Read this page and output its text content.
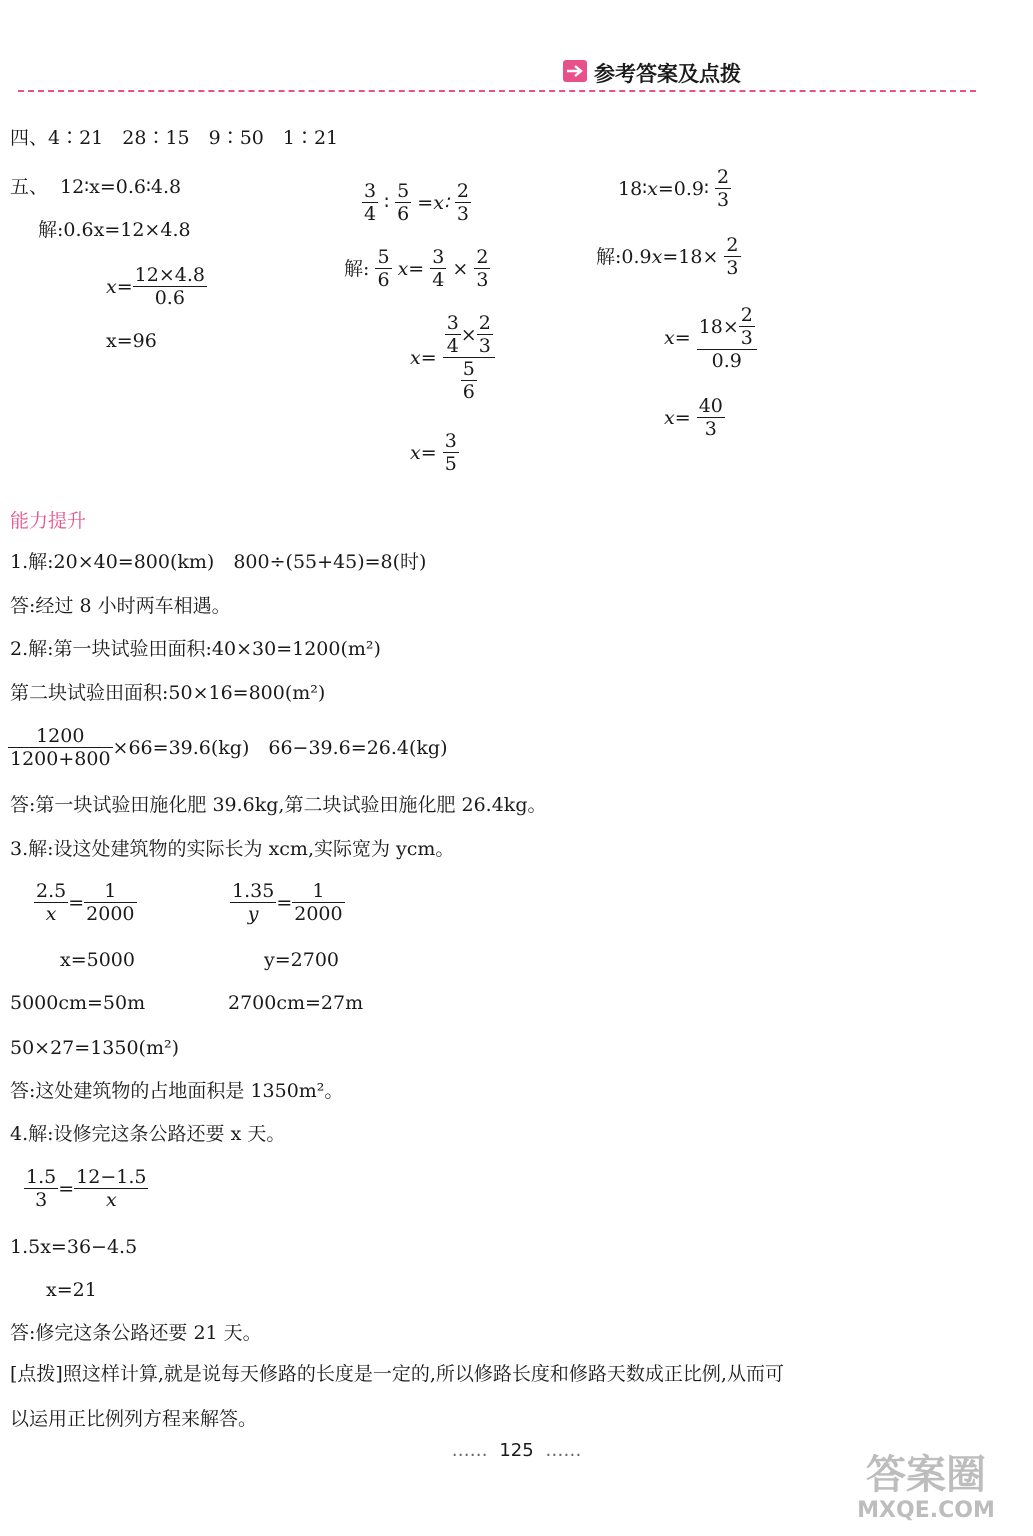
参考答案及点拨
四、4∶21　28∶15　9∶50　1∶21
五、 12∶x=0.6∶4.8
解:0.6x=12×4.8
$x= \frac{12\times 4.8}{0.6}$
x=96
$\frac{3}{4}$ ∶ $\frac{5}{6}$ =x∶ $\frac{2}{3}$
解: $\frac{5}{6} x= \frac{3}{4} \times \frac{2}{3}$
$x= \frac{\frac{3}{4} \times \frac{2}{3}}{\frac{5}{6}}$
$x= \frac{3}{5}$
18∶x=0.9∶ $\frac{2}{3}$
解:0.9x=18× $\frac{2}{3}$
$x= \frac{18\times \frac{2}{3}}{0.9}$
$x= \frac{40}{3}$
能力提升
1.解:20×40=800(km)　800÷(55+45)=8(时)
答:经过 8 小时两车相遇。
2.解:第一块试验田面积:40×30=1200(m²)
第二块试验田面积:50×16=800(m²)
$\frac{1200}{1200+800} \times 66=39.6(kg)$　66−39.6=26.4(kg)
答:第一块试验田施化肥 39.6kg,第二块试验田施化肥 26.4kg。
3.解:设这处建筑物的实际长为 xcm,实际宽为 ycm。
$\frac{2.5}{x} = \frac{1}{2000}$	$\frac{1.35}{y} = \frac{1}{2000}$
x=5000	y=2700
5000cm=50m	2700cm=27m
50×27=1350(m²)
答:这处建筑物的占地面积是 1350m²。
4.解:设修完这条公路还要 x 天。
$\frac{1.5}{3} = \frac{12-1.5}{x}$
1.5x=36−4.5
x=21
答:修完这条公路还要 21 天。
[点拨]照这样计算,就是说每天修路的长度是一定的,所以修路长度和修路天数成正比例,从而可
以运用正比例列方程来解答。
…… 125 ……
答案圈
MXQE.COM
